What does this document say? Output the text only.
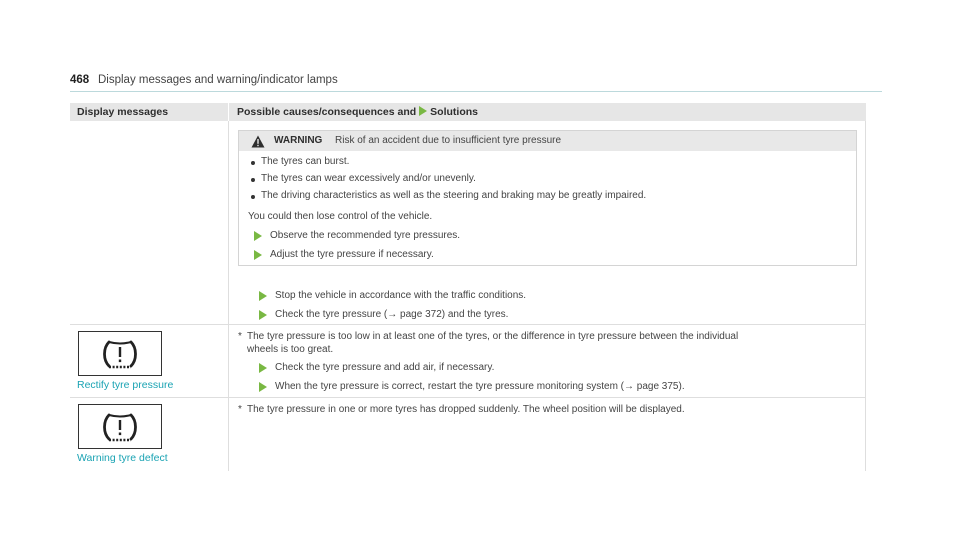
468 Display messages and warning/indicator lamps
Display messages	Possible causes/consequences and Solutions
WARNING Risk of an accident due to insufficient tyre pressure
The tyres can burst.
The tyres can wear excessively and/or unevenly.
The driving characteristics as well as the steering and braking may be greatly impaired.
You could then lose control of the vehicle.
Observe the recommended tyre pressures.
Adjust the tyre pressure if necessary.
Stop the vehicle in accordance with the traffic conditions.
Check the tyre pressure (→ page 372) and the tyres.
Rectify tyre pressure
* The tyre pressure is too low in at least one of the tyres, or the difference in tyre pressure between the individual
wheels is too great.
Check the tyre pressure and add air, if necessary.
When the tyre pressure is correct, restart the tyre pressure monitoring system (→ page 375).
Warning tyre defect
* The tyre pressure in one or more tyres has dropped suddenly. The wheel position will be displayed.
